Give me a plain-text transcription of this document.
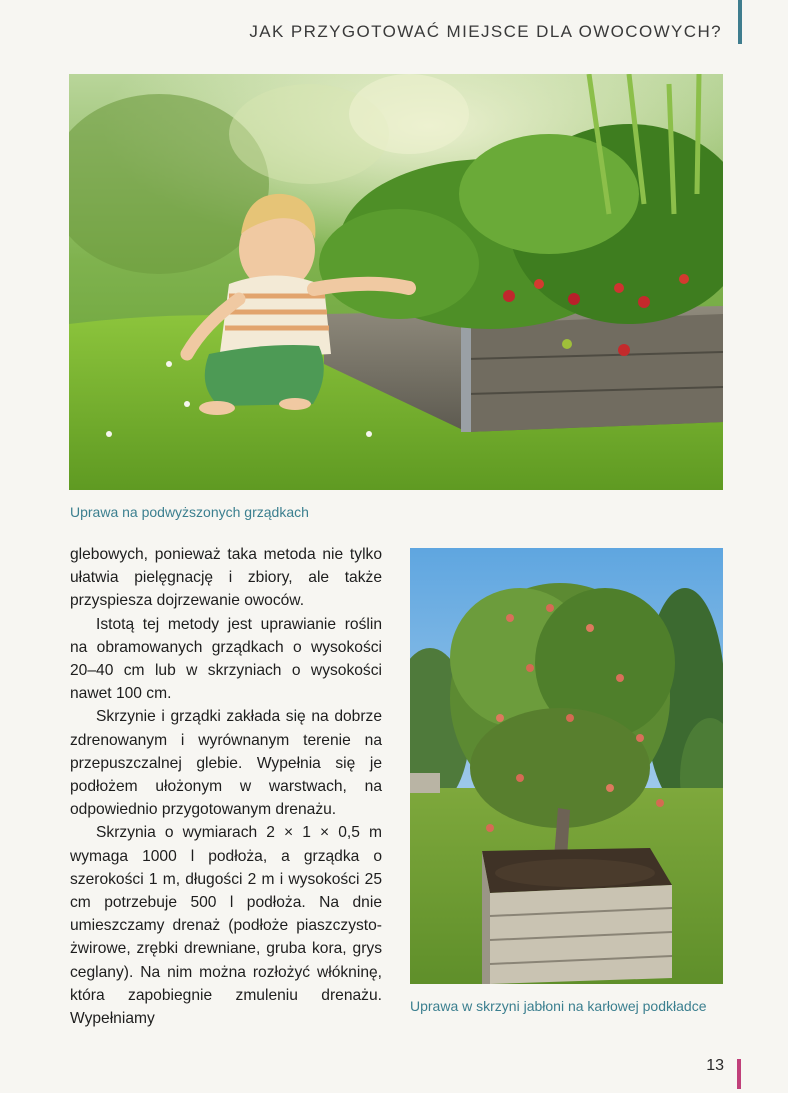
JAK PRZYGOTOWAĆ MIEJSCE DLA OWOCOWYCH?
Uprawa na podwyższonych grządkach

glebowych, ponieważ taka metoda nie tylko ułatwia pielęgnację i zbiory, ale także przyspiesza dojrzewanie owoców.

Istotą tej metody jest uprawianie roślin na obramowanych grządkach o wysokości 20–40 cm lub w skrzyniach o wysokości nawet 100 cm.

Skrzynie i grządki zakłada się na dobrze zdrenowanym i wyrównanym terenie na przepuszczalnej glebie. Wypełnia się je podłożem ułożonym w warstwach, na odpowiednio przygotowanym drenażu.

Skrzynia o wymiarach 2 × 1 × 0,5 m wymaga 1000 l podłoża, a grządka o szerokości 1 m, długości 2 m i wysokości 25 cm potrzebuje 500 l podłoża. Na dnie umieszczamy drenaż (podłoże piaszczysto-żwirowe, zrębki drewniane, gruba kora, grys ceglany). Na nim można rozłożyć włókninę, która zapobiegnie zmuleniu drenażu. Wypełniamy

Uprawa w skrzyni jabłoni na karłowej podkładce
13
